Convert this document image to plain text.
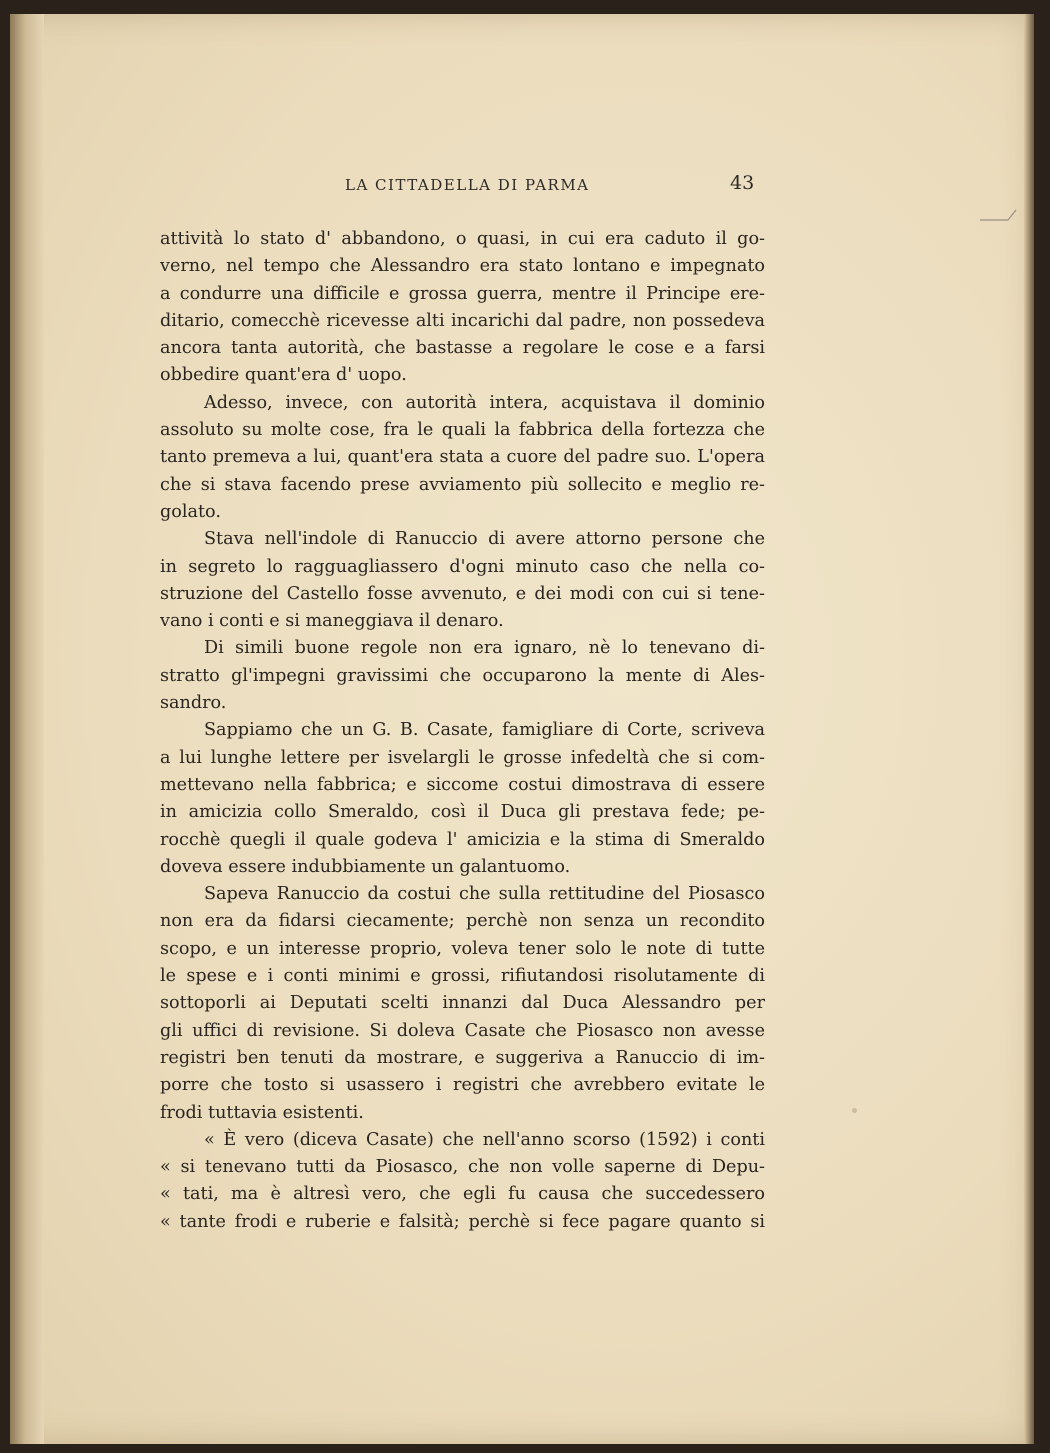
LA CITTADELLA DI PARMA	43
attività lo stato d' abbandono, o quasi, in cui era caduto il go-
verno, nel tempo che Alessandro era stato lontano e impegnato
a condurre una difficile e grossa guerra, mentre il Principe ere-
ditario, comecchè ricevesse alti incarichi dal padre, non possedeva
ancora tanta autorità, che bastasse a regolare le cose e a farsi
obbedire quant'era d' uopo.
Adesso, invece, con autorità intera, acquistava il dominio
assoluto su molte cose, fra le quali la fabbrica della fortezza che
tanto premeva a lui, quant'era stata a cuore del padre suo. L'opera
che si stava facendo prese avviamento più sollecito e meglio re-
golato.
Stava nell'indole di Ranuccio di avere attorno persone che
in segreto lo ragguagliassero d'ogni minuto caso che nella co-
struzione del Castello fosse avvenuto, e dei modi con cui si tene-
vano i conti e si maneggiava il denaro.
Di simili buone regole non era ignaro, nè lo tenevano di-
stratto gl'impegni gravissimi che occuparono la mente di Ales-
sandro.
Sappiamo che un G. B. Casate, famigliare di Corte, scriveva
a lui lunghe lettere per isvelargli le grosse infedeltà che si com-
mettevano nella fabbrica; e siccome costui dimostrava di essere
in amicizia collo Smeraldo, così il Duca gli prestava fede; pe-
rocchè quegli il quale godeva l' amicizia e la stima di Smeraldo
doveva essere indubbiamente un galantuomo.
Sapeva Ranuccio da costui che sulla rettitudine del Piosasco
non era da fidarsi ciecamente; perchè non senza un recondito
scopo, e un interesse proprio, voleva tener solo le note di tutte
le spese e i conti minimi e grossi, rifiutandosi risolutamente di
sottoporli ai Deputati scelti innanzi dal Duca Alessandro per
gli uffici di revisione. Si doleva Casate che Piosasco non avesse
registri ben tenuti da mostrare, e suggeriva a Ranuccio di im-
porre che tosto si usassero i registri che avrebbero evitate le
frodi tuttavia esistenti.
« È vero (diceva Casate) che nell'anno scorso (1592) i conti
« si tenevano tutti da Piosasco, che non volle saperne di Depu-
« tati, ma è altresì vero, che egli fu causa che succedessero
« tante frodi e ruberie e falsità; perchè si fece pagare quanto si
